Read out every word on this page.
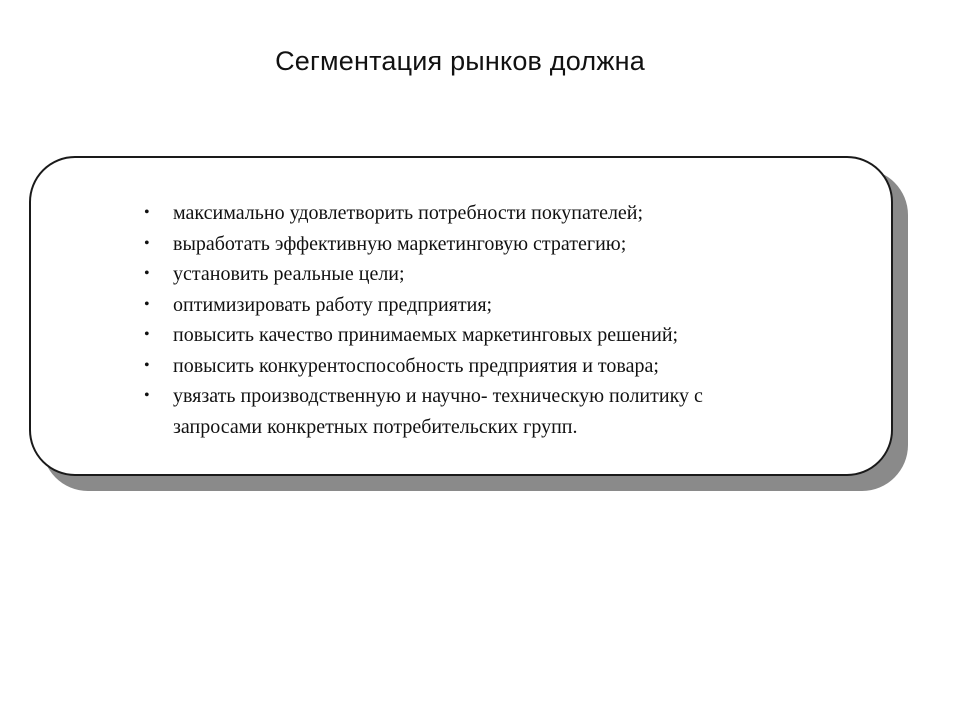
Сегментация рынков должна
• максимально удовлетворить потребности покупателей;
• выработать эффективную маркетинговую стратегию;
• установить реальные цели;
• оптимизировать работу предприятия;
• повысить качество принимаемых маркетинговых решений;
• повысить конкурентоспособность предприятия и товара;
• увязать производственную и научно- техническую политику с
запросами конкретных потребительских групп.
